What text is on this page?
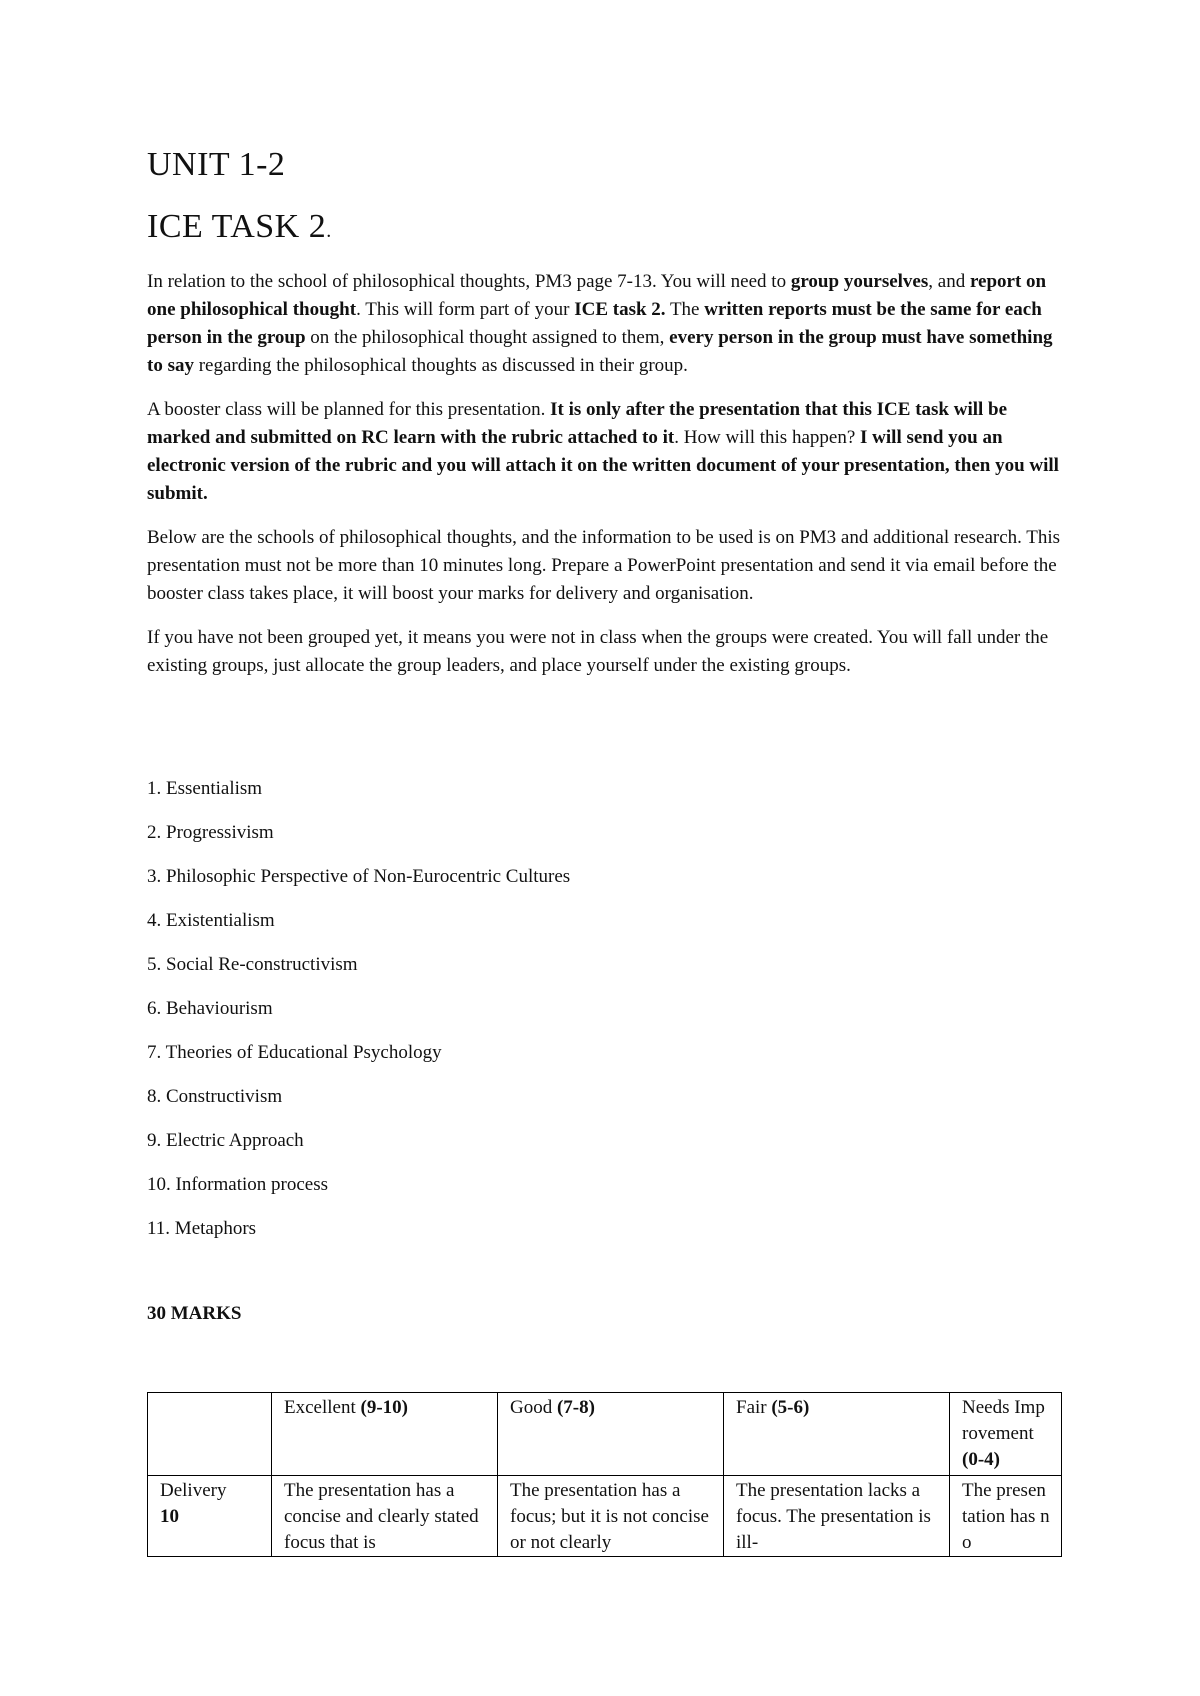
UNIT 1-2
ICE TASK 2.

In relation to the school of philosophical thoughts, PM3 page 7-13. You will need to group yourselves, and report on one philosophical thought. This will form part of your ICE task 2. The written reports must be the same for each person in the group on the philosophical thought assigned to them, every person in the group must have something to say regarding the philosophical thoughts as discussed in their group.

A booster class will be planned for this presentation. It is only after the presentation that this ICE task will be marked and submitted on RC learn with the rubric attached to it. How will this happen? I will send you an electronic version of the rubric and you will attach it on the written document of your presentation, then you will submit.

Below are the schools of philosophical thoughts, and the information to be used is on PM3 and additional research. This presentation must not be more than 10 minutes long. Prepare a PowerPoint presentation and send it via email before the booster class takes place, it will boost your marks for delivery and organisation.

If you have not been grouped yet, it means you were not in class when the groups were created. You will fall under the existing groups, just allocate the group leaders, and place yourself under the existing groups.

1. Essentialism
2. Progressivism
3. Philosophic Perspective of Non-Eurocentric Cultures
4. Existentialism
5. Social Re-constructivism
6. Behaviourism
7. Theories of Educational Psychology
8. Constructivism
9. Electric Approach
10. Information process
11. Metaphors
30 MARKS
	Excellent (9-10)	Good (7-8)	Fair (5-6)	Needs Improvement (0-4)

Delivery
10	The presentation has a concise and clearly stated focus that is	The presentation has a focus; but it is not concise or not clearly	The presentation lacks a focus. The presentation is ill-	The presentation has no
